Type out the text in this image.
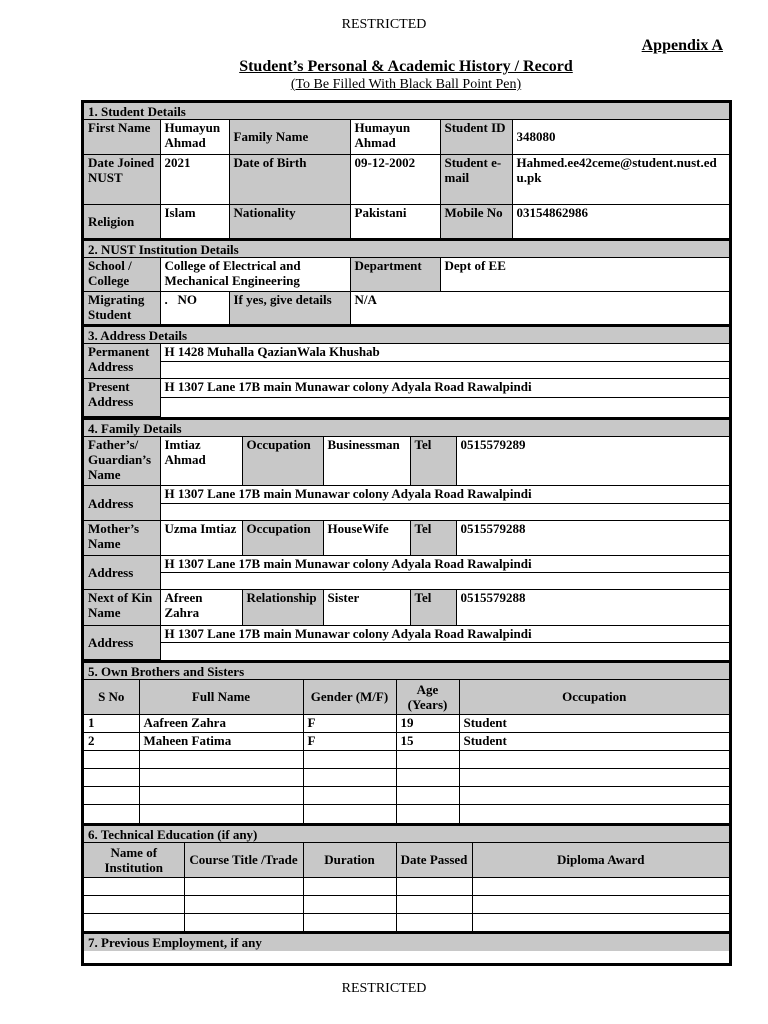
RESTRICTED
Appendix A
Student’s Personal & Academic History / Record
(To Be Filled With Black Ball Point Pen)
1. Student Details
First Name	Humayun Ahmad	Family Name	Humayun Ahmad	Student ID	348080
Date Joined NUST	2021	Date of Birth	09-12-2002	Student e-mail	Hahmed.ee42ceme@student.nust.edu.pk
Religion	Islam	Nationality	Pakistani	Mobile No	03154862986
2. NUST Institution Details
School / College	College of Electrical and Mechanical Engineering		Department	Dept of EE
Migrating Student	.   NO	If yes, give details	N/A	
3. Address Details
Permanent Address	H 1428 Muhalla QazianWala Khushab

Present Address	H 1307 Lane 17B main Munawar colony Adyala Road Rawalpindi

4. Family Details
Father’s/ Guardian’s Name	Imtiaz Ahmad	Occupation	Businessman	Tel	0515579289
Address	H 1307 Lane 17B main Munawar colony Adyala Road Rawalpindi				

Mother’s Name	Uzma Imtiaz	Occupation	HouseWife	Tel	0515579288
Address	H 1307 Lane 17B main Munawar colony Adyala Road Rawalpindi				

Next of Kin Name	Afreen Zahra	Relationship	Sister	Tel	0515579288
Address	H 1307 Lane 17B main Munawar colony Adyala Road Rawalpindi				

5. Own Brothers and Sisters
S No	Full Name	Gender (M/F)	Age (Years)	Occupation
1	Aafreen Zahra	F	19	Student
2	Maheen Fatima	F	15	Student

6. Technical Education (if any)
Name of Institution	Course Title /Trade	Duration	Date Passed	Diploma Award

7. Previous Employment, if any
RESTRICTED
